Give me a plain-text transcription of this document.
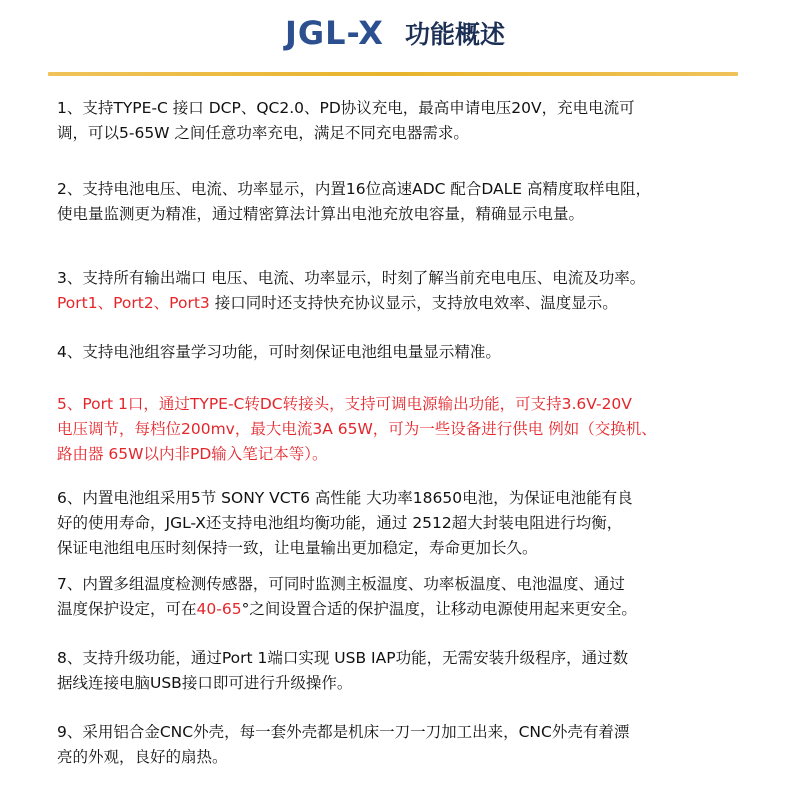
JGL-X 功能概述

1、支持TYPE-C 接口 DCP、QC2.0、PD协议充电，最高申请电压20V，充电电流可
调，可以5-65W 之间任意功率充电，满足不同充电器需求。

2、支持电池电压、电流、功率显示，内置16位高速ADC 配合DALE 高精度取样电阻，
使电量监测更为精准，通过精密算法计算出电池充放电容量，精确显示电量。

3、支持所有输出端口 电压、电流、功率显示，时刻了解当前充电电压、电流及功率。
Port1、Port2、Port3 接口同时还支持快充协议显示，支持放电效率、温度显示。

4、支持电池组容量学习功能，可时刻保证电池组电量显示精准。

5、Port 1口，通过TYPE-C转DC转接头，支持可调电源输出功能，可支持3.6V-20V
电压调节，每档位200mv，最大电流3A 65W，可为一些设备进行供电 例如（交换机、
路由器 65W以内非PD输入笔记本等）。

6、内置电池组采用5节 SONY VCT6 高性能 大功率18650电池，为保证电池能有良
好的使用寿命，JGL-X还支持电池组均衡功能，通过 2512超大封装电阻进行均衡，
保证电池组电压时刻保持一致，让电量输出更加稳定，寿命更加长久。

7、内置多组温度检测传感器，可同时监测主板温度、功率板温度、电池温度、通过
温度保护设定，可在40-65°之间设置合适的保护温度，让移动电源使用起来更安全。

8、支持升级功能，通过Port 1端口实现 USB IAP功能，无需安装升级程序，通过数
据线连接电脑USB接口即可进行升级操作。

9、采用铝合金CNC外壳，每一套外壳都是机床一刀一刀加工出来，CNC外壳有着漂
亮的外观，良好的扇热。
